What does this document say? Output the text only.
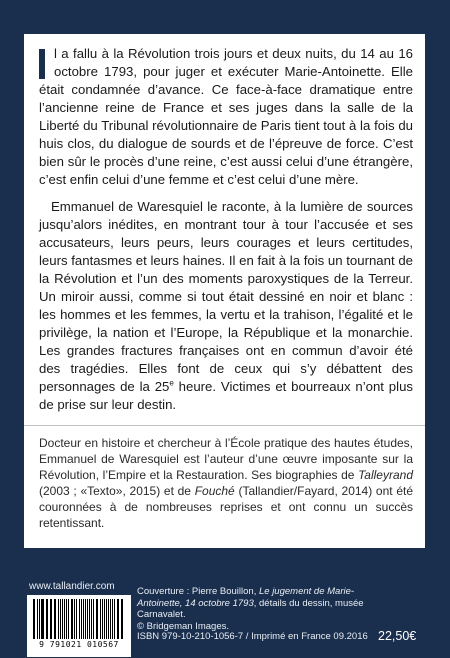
l a fallu à la Révolution trois jours et deux nuits, du 14 au 16 octobre 1793, pour juger et exécuter Marie-Antoinette. Elle était condamnée d’avance. Ce face-à-face dramatique entre l’ancienne reine de France et ses juges dans la salle de la Liberté du Tribunal révolutionnaire de Paris tient tout à la fois du huis clos, du dialogue de sourds et de l’épreuve de force. C’est bien sûr le procès d’une reine, c’est aussi celui d’une étrangère, c’est enfin celui d’une femme et c’est celui d’une mère.

Emmanuel de Waresquiel le raconte, à la lumière de sources jusqu’alors inédites, en montrant tour à tour l’accusée et ses accusateurs, leurs peurs, leurs courages et leurs certitudes, leurs fantasmes et leurs haines. Il en fait à la fois un tournant de la Révolution et l’un des moments paroxystiques de la Terreur. Un miroir aussi, comme si tout était dessiné en noir et blanc : les hommes et les femmes, la vertu et la trahison, l’égalité et le privilège, la nation et l’Europe, la République et la monarchie. Les grandes fractures françaises ont en commun d’avoir été des tragédies. Elles font de ceux qui s’y débattent des personnages de la 25e heure. Victimes et bourreaux n’ont plus de prise sur leur destin.

Docteur en histoire et chercheur à l’École pratique des hautes études, Emmanuel de Waresquiel est l’auteur d’une œuvre imposante sur la Révolution, l’Empire et la Restauration. Ses biographies de Talleyrand (2003 ; «Texto», 2015) et de Fouché (Tallandier/Fayard, 2014) ont été couronnées à de nombreuses reprises et ont connu un succès retentissant.

www.tallandier.com
9 791021 010567
Couverture : Pierre Bouillon, Le jugement de Marie-Antoinette, 14 octobre 1793, détails du dessin, musée Carnavalet.
© Bridgeman Images.
ISBN 979-10-210-1056-7 / Imprimé en France 09.2016 22,50€
